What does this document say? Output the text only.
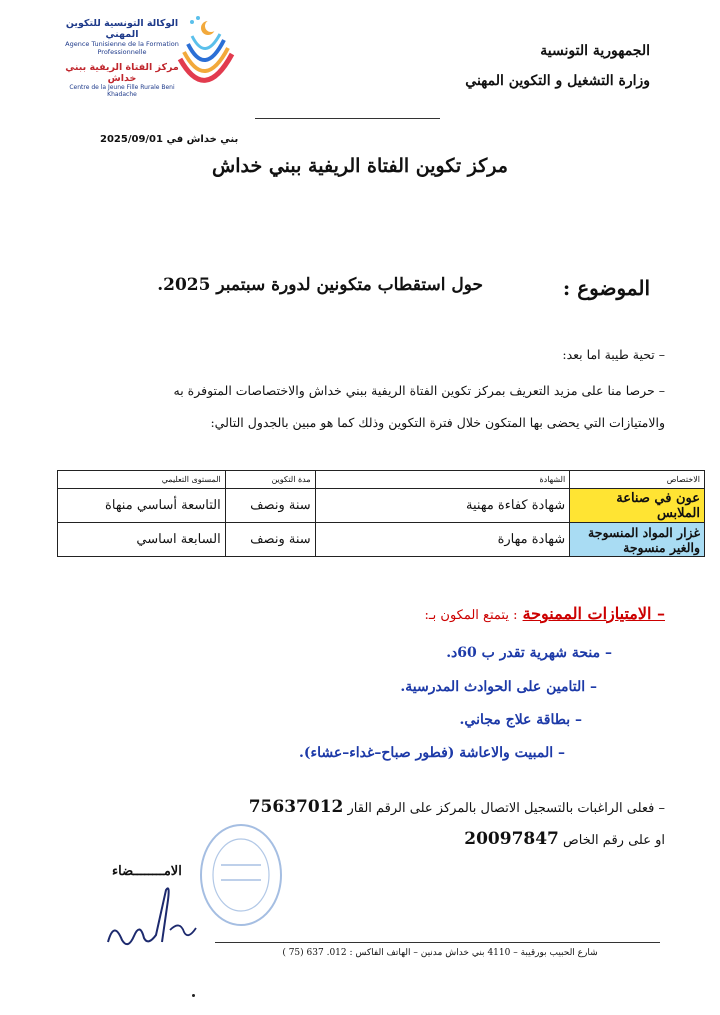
الوكالة التونسية للتكوين المهني
Agence Tunisienne de la Formation
Professionnelle
مركز الفتاة الريفية ببني خداش
Centre de la Jeune Fille Rurale Beni Khadache
الجمهورية التونسية
وزارة التشغيل و التكوين المهني
بني خداش في 2025/09/01
مركز تكوين الفتاة الريفية ببني خداش
الموضوع :
حول استقطاب متكونين لدورة سبتمبر 2025.
– تحية طيبة اما بعد:
– حرصا منا على مزيد التعريف بمركز تكوين الفتاة الريفية ببني خداش والاختصاصات المتوفرة به
والامتيازات التي يحضى بها المتكون خلال فترة التكوين وذلك كما هو مبين بالجدول التالي:
الاختصاص	الشهادة	مدة التكوين	المستوى التعليمي
عون في صناعة الملابس	شهادة كفاءة مهنية	سنة ونصف	التاسعة أساسي منهاة
غزار المواد المنسوجة والغير منسوجة	شهادة مهارة	سنة ونصف	السابعة اساسي
– الامتيازات الممنوحة : يتمتع المكون بـ:
– منحة شهرية تقدر ب 60د.
– التامين على الحوادث المدرسية.
– بطاقة علاج مجاني.
– المبيت والاعاشة (فطور صباح–غداء–عشاء).
– فعلى الراغبات بالتسجيل الاتصال بالمركز على الرقم القار 75637012
او على رقم الخاص 20097847
الامــــــــضاء
شارع الحبيب بورقيبة – 4110 بني خداش مدنين – الهاتف الفاكس : 012. 637 (75 )
